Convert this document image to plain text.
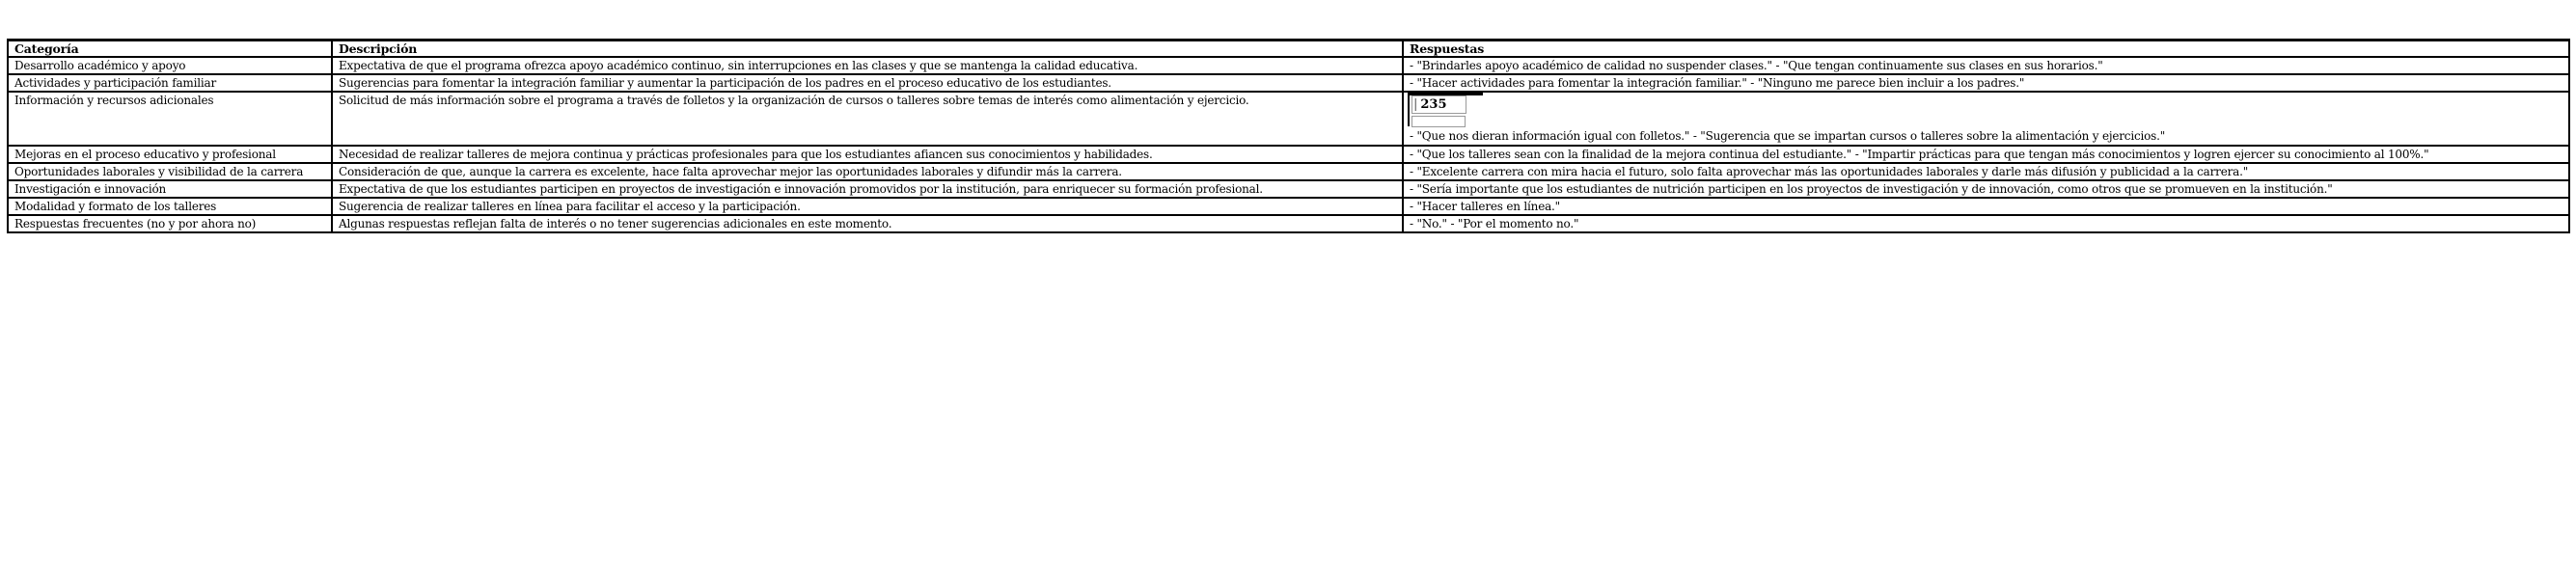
Categoría	Descripción	Respuestas
Desarrollo académico y apoyo	Expectativa de que el programa ofrezca apoyo académico continuo, sin interrupciones en las clases y que se mantenga la calidad educativa.	- "Brindarles apoyo académico de calidad no suspender clases." - "Que tengan continuamente sus clases en sus horarios."
Actividades y participación familiar	Sugerencias para fomentar la integración familiar y aumentar la participación de los padres en el proceso educativo de los estudiantes.	- "Hacer actividades para fomentar la integración familiar." - "Ninguno me parece bien incluir a los padres."
Información y recursos adicionales	Solicitud de más información sobre el programa a través de folletos y la organización de cursos o talleres sobre temas de interés como alimentación y ejercicio.	| 235
- "Que nos dieran información igual con folletos." - "Sugerencia que se impartan cursos o talleres sobre la alimentación y ejercicios."

Mejoras en el proceso educativo y profesional	Necesidad de realizar talleres de mejora continua y prácticas profesionales para que los estudiantes afiancen sus conocimientos y habilidades.	- "Que los talleres sean con la finalidad de la mejora continua del estudiante." - "Impartir prácticas para que tengan más conocimientos y logren ejercer su conocimiento al 100%."
Oportunidades laborales y visibilidad de la carrera	Consideración de que, aunque la carrera es excelente, hace falta aprovechar mejor las oportunidades laborales y difundir más la carrera.	- "Excelente carrera con mira hacia el futuro, solo falta aprovechar más las oportunidades laborales y darle más difusión y publicidad a la carrera."
Investigación e innovación	Expectativa de que los estudiantes participen en proyectos de investigación e innovación promovidos por la institución, para enriquecer su formación profesional.	- "Sería importante que los estudiantes de nutrición participen en los proyectos de investigación y de innovación, como otros que se promueven en la institución."
Modalidad y formato de los talleres	Sugerencia de realizar talleres en línea para facilitar el acceso y la participación.	- "Hacer talleres en línea."
Respuestas frecuentes (no y por ahora no)	Algunas respuestas reflejan falta de interés o no tener sugerencias adicionales en este momento.	- "No." - "Por el momento no."
